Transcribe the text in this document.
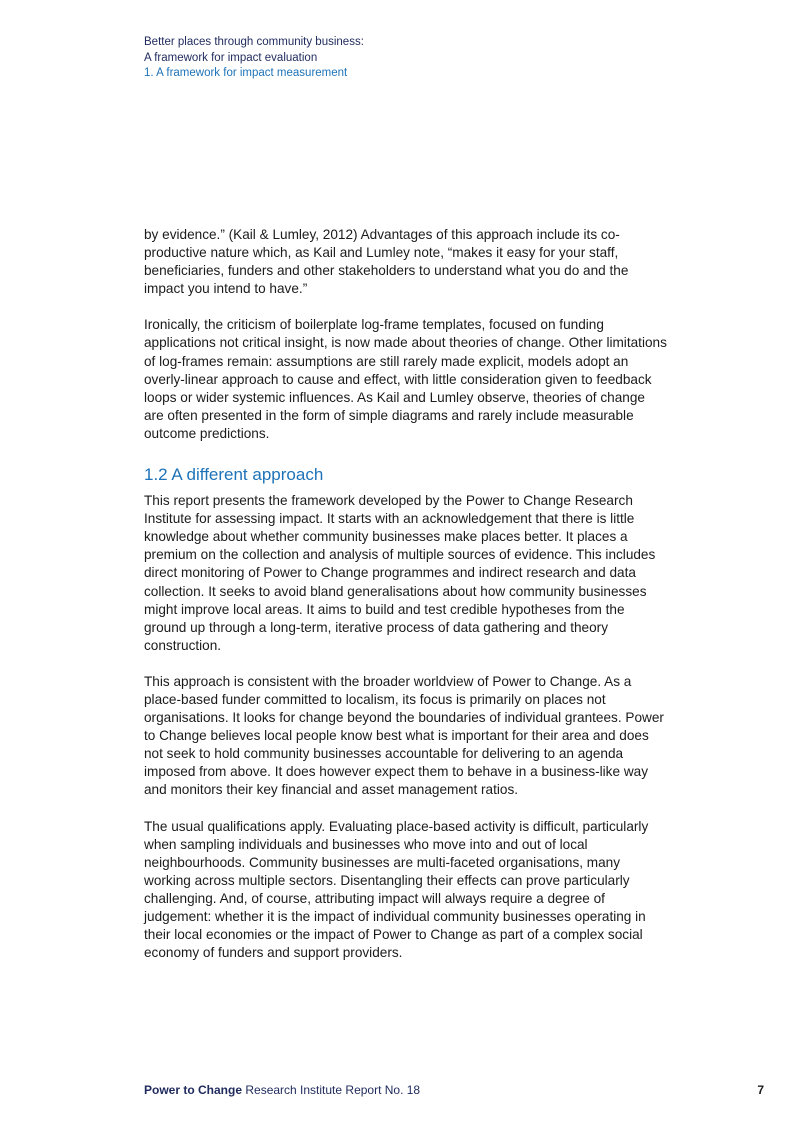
Better places through community business:
A framework for impact evaluation
1. A framework for impact measurement

by evidence.” (Kail & Lumley, 2012) Advantages of this approach include its co-productive nature which, as Kail and Lumley note, “makes it easy for your staff, beneficiaries, funders and other stakeholders to understand what you do and the impact you intend to have.”

Ironically, the criticism of boilerplate log-frame templates, focused on funding applications not critical insight, is now made about theories of change. Other limitations of log-frames remain: assumptions are still rarely made explicit, models adopt an overly-linear approach to cause and effect, with little consideration given to feedback loops or wider systemic influences. As Kail and Lumley observe, theories of change are often presented in the form of simple diagrams and rarely include measurable outcome predictions.

1.2 A different approach

This report presents the framework developed by the Power to Change Research Institute for assessing impact. It starts with an acknowledgement that there is little knowledge about whether community businesses make places better. It places a premium on the collection and analysis of multiple sources of evidence. This includes direct monitoring of Power to Change programmes and indirect research and data collection. It seeks to avoid bland generalisations about how community businesses might improve local areas. It aims to build and test credible hypotheses from the ground up through a long-term, iterative process of data gathering and theory construction.

This approach is consistent with the broader worldview of Power to Change. As a place-based funder committed to localism, its focus is primarily on places not organisations. It looks for change beyond the boundaries of individual grantees. Power to Change believes local people know best what is important for their area and does not seek to hold community businesses accountable for delivering to an agenda imposed from above. It does however expect them to behave in a business-like way and monitors their key financial and asset management ratios.

The usual qualifications apply. Evaluating place-based activity is difficult, particularly when sampling individuals and businesses who move into and out of local neighbourhoods. Community businesses are multi-faceted organisations, many working across multiple sectors. Disentangling their effects can prove particularly challenging. And, of course, attributing impact will always require a degree of judgement: whether it is the impact of individual community businesses operating in their local economies or the impact of Power to Change as part of a complex social economy of funders and support providers.

Power to Change Research Institute Report No. 18	7
